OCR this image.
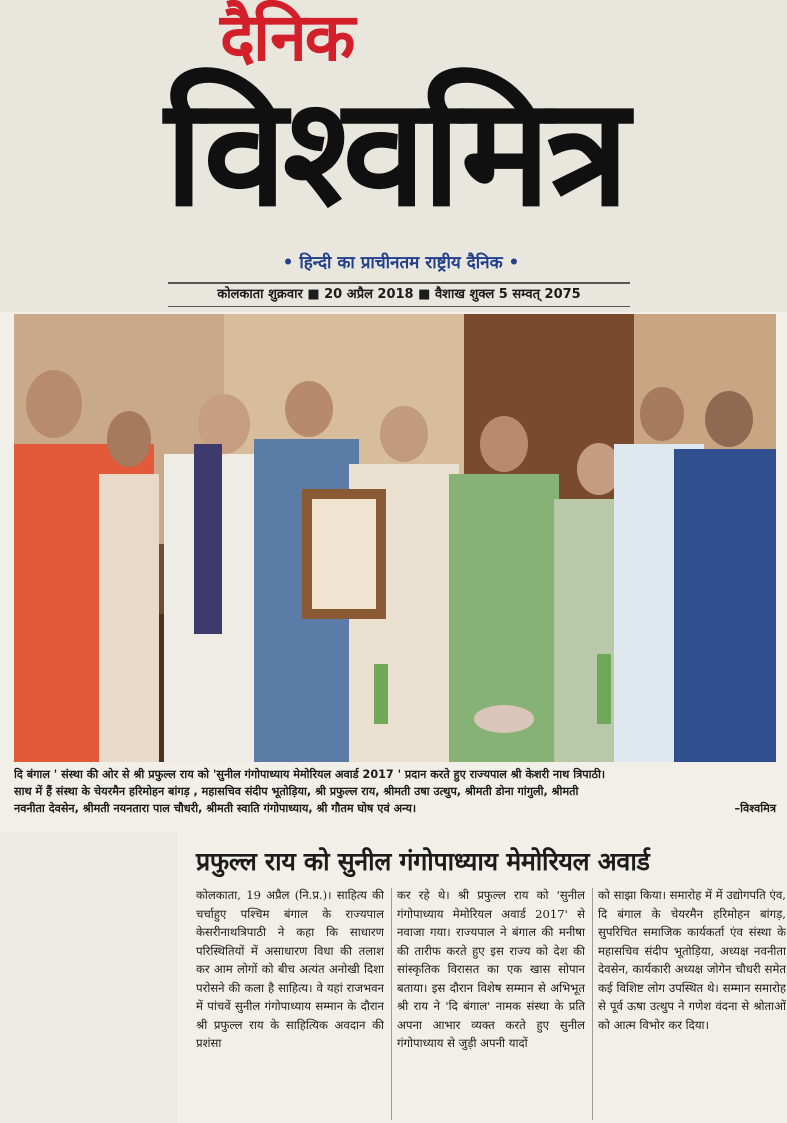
दैनिक
विश्वमित्र
• हिन्दी का प्राचीनतम राष्ट्रीय दैनिक •
कोलकाता शुक्रवार ■ 20 अप्रैल 2018 ■ वैशाख शुक्ल 5 सम्वत् 2075

दि बंगाल ' संस्था की ओर से श्री प्रफुल्ल राय को 'सुनील गंगोपाध्याय मेमोरियल अवार्ड 2017 ' प्रदान करते हुए राज्यपाल श्री केशरी नाथ त्रिपाठी।

साथ में हैं संस्था के चेयरमैन हरिमोहन बांगड़ , महासचिव संदीप भूतोड़िया, श्री प्रफुल्ल राय, श्रीमती उषा उत्थुप, श्रीमती डोना गांगुली, श्रीमती

नवनीता देवसेन, श्रीमती नयनतारा पाल चौधरी, श्रीमती स्वाति गंगोपाध्याय, श्री गौतम घोष एवं अन्य।	–विश्वमित्र
प्रफुल्ल राय को सुनील गंगोपाध्याय मेमोरियल अवार्ड

कोलकाता, 19 अप्रैल (नि.प्र.)। साहित्य की चर्चाहुए पश्चिम बंगाल के राज्यपाल केसरीनाथत्रिपाठी ने कहा कि साधारण परिस्थितियों में असाधारण विधा की तलाश कर आम लोगों को बीच अत्यंत अनोखी दिशा परोसने की कला है साहित्य। वे यहां राजभवन में पांचवें सुनील गंगोपाध्याय सम्मान के दौरान श्री प्रफुल्ल राय के साहित्यिक अवदान की प्रशंसा

कर रहे थे। श्री प्रफुल्ल राय को 'सुनील गंगोपाध्याय मेमोरियल अवार्ड 2017' से नवाजा गया। राज्यपाल ने बंगाल की मनीषा की तारीफ करते हुए इस राज्य को देश की सांस्कृतिक विरासत का एक खास सोपान बताया। इस दौरान विशेष सम्मान से अभिभूत श्री राय ने 'दि बंगाल' नामक संस्था के प्रति अपना आभार व्यक्त करते हुए सुनील गंगोपाध्याय से जुड़ी अपनी यादों

को साझा किया। समारोह में में उद्योगपति एंव, दि बंगाल के चेयरमैन हरिमोहन बांगड़, सुपरिचित समाजिक कार्यकर्ता एंव संस्था के महासचिव संदीप भूतोड़िया, अध्यक्ष नवनीता देवसेन, कार्यकारी अध्यक्ष जोगेन चौधरी समेत कई विशिष्ट लोग उपस्थित थे। सम्मान समारोह से पूर्व ऊषा उत्थुप ने गणेश वंदना से श्रोताओं को आत्म विभोर कर दिया।
